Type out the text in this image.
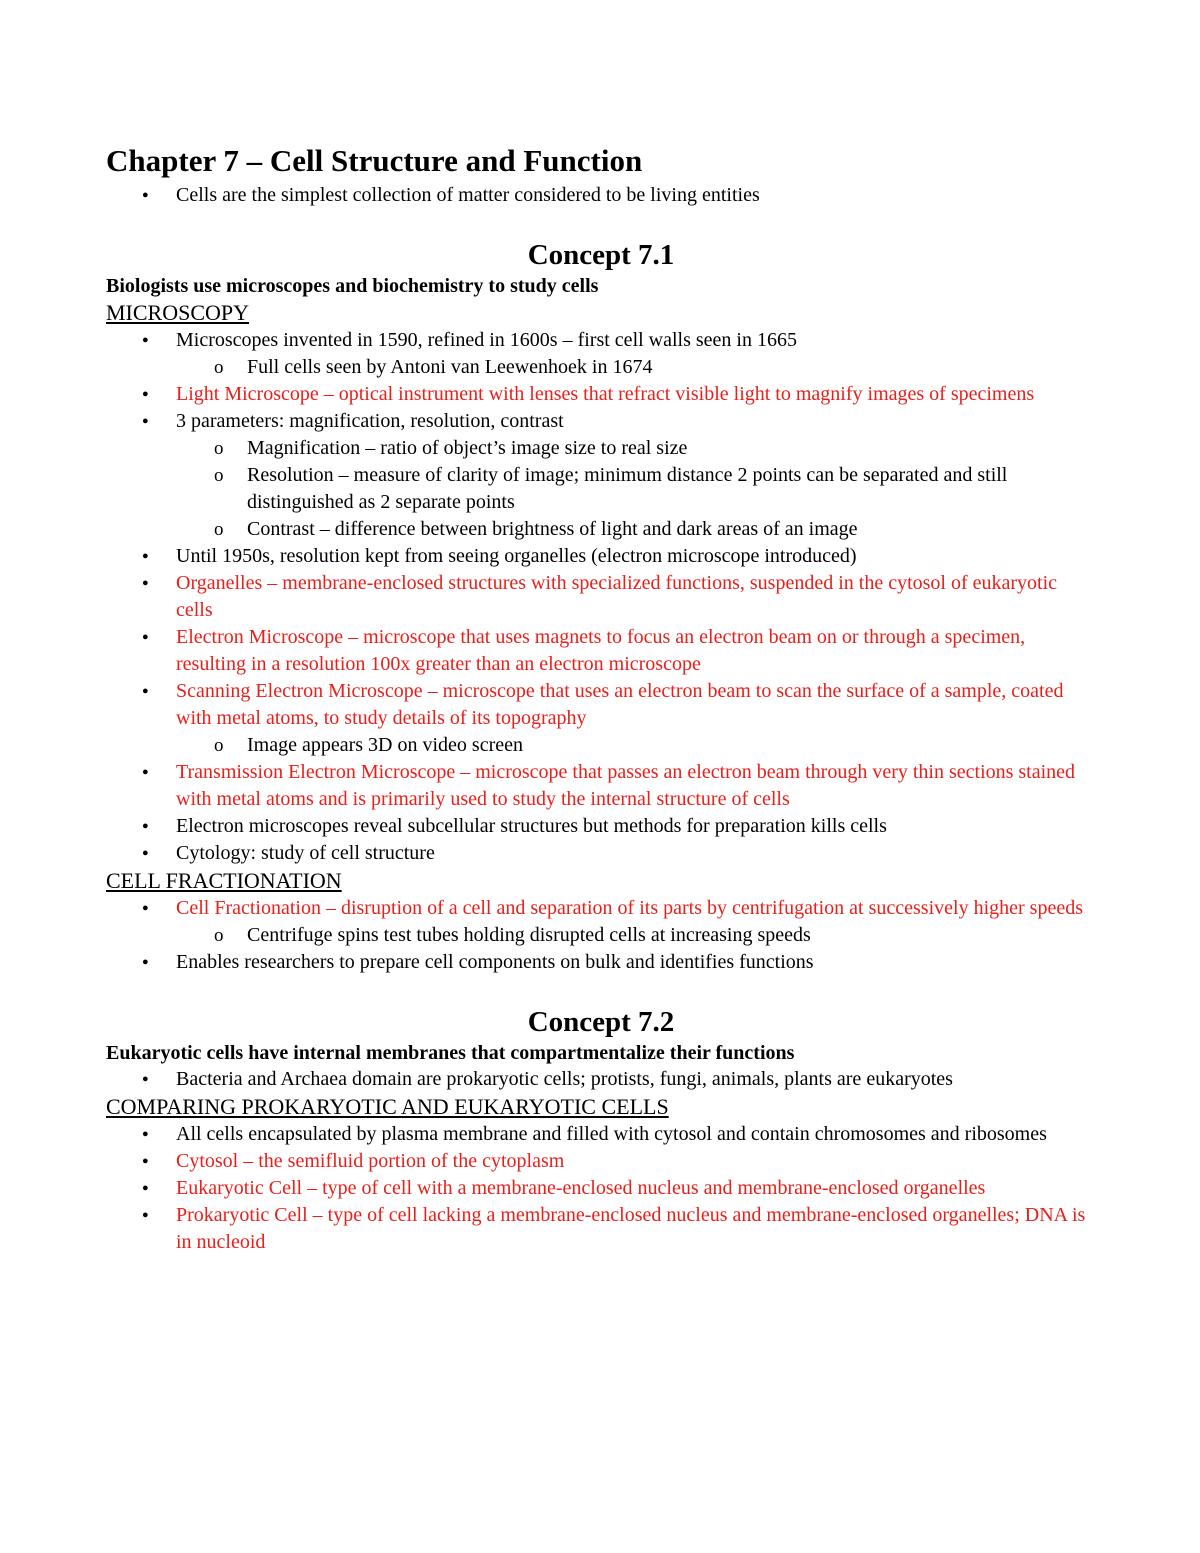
Chapter 7 – Cell Structure and Function
● Cells are the simplest collection of matter considered to be living entities
Concept 7.1

Biologists use microscopes and biochemistry to study cells

MICROSCOPY

● Microscopes invented in 1590, refined in 1600s – first cell walls seen in 1665
o Full cells seen by Antoni van Leewenhoek in 1674
● Light Microscope – optical instrument with lenses that refract visible light to magnify images of specimens
● 3 parameters: magnification, resolution, contrast
o Magnification – ratio of object’s image size to real size
o Resolution – measure of clarity of image; minimum distance 2 points can be separated and still distinguished as 2 separate points
o Contrast – difference between brightness of light and dark areas of an image
● Until 1950s, resolution kept from seeing organelles (electron microscope introduced)
● Organelles – membrane-enclosed structures with specialized functions, suspended in the cytosol of eukaryotic cells
● Electron Microscope – microscope that uses magnets to focus an electron beam on or through a specimen, resulting in a resolution 100x greater than an electron microscope
● Scanning Electron Microscope – microscope that uses an electron beam to scan the surface of a sample, coated with metal atoms, to study details of its topography
o Image appears 3D on video screen
● Transmission Electron Microscope – microscope that passes an electron beam through very thin sections stained with metal atoms and is primarily used to study the internal structure of cells
● Electron microscopes reveal subcellular structures but methods for preparation kills cells
● Cytology: study of cell structure

CELL FRACTIONATION

● Cell Fractionation – disruption of a cell and separation of its parts by centrifugation at successively higher speeds
o Centrifuge spins test tubes holding disrupted cells at increasing speeds
● Enables researchers to prepare cell components on bulk and identifies functions
Concept 7.2

Eukaryotic cells have internal membranes that compartmentalize their functions

● Bacteria and Archaea domain are prokaryotic cells; protists, fungi, animals, plants are eukaryotes

COMPARING PROKARYOTIC AND EUKARYOTIC CELLS

● All cells encapsulated by plasma membrane and filled with cytosol and contain chromosomes and ribosomes
● Cytosol – the semifluid portion of the cytoplasm
● Eukaryotic Cell – type of cell with a membrane-enclosed nucleus and membrane-enclosed organelles
● Prokaryotic Cell – type of cell lacking a membrane-enclosed nucleus and membrane-enclosed organelles; DNA is in nucleoid
